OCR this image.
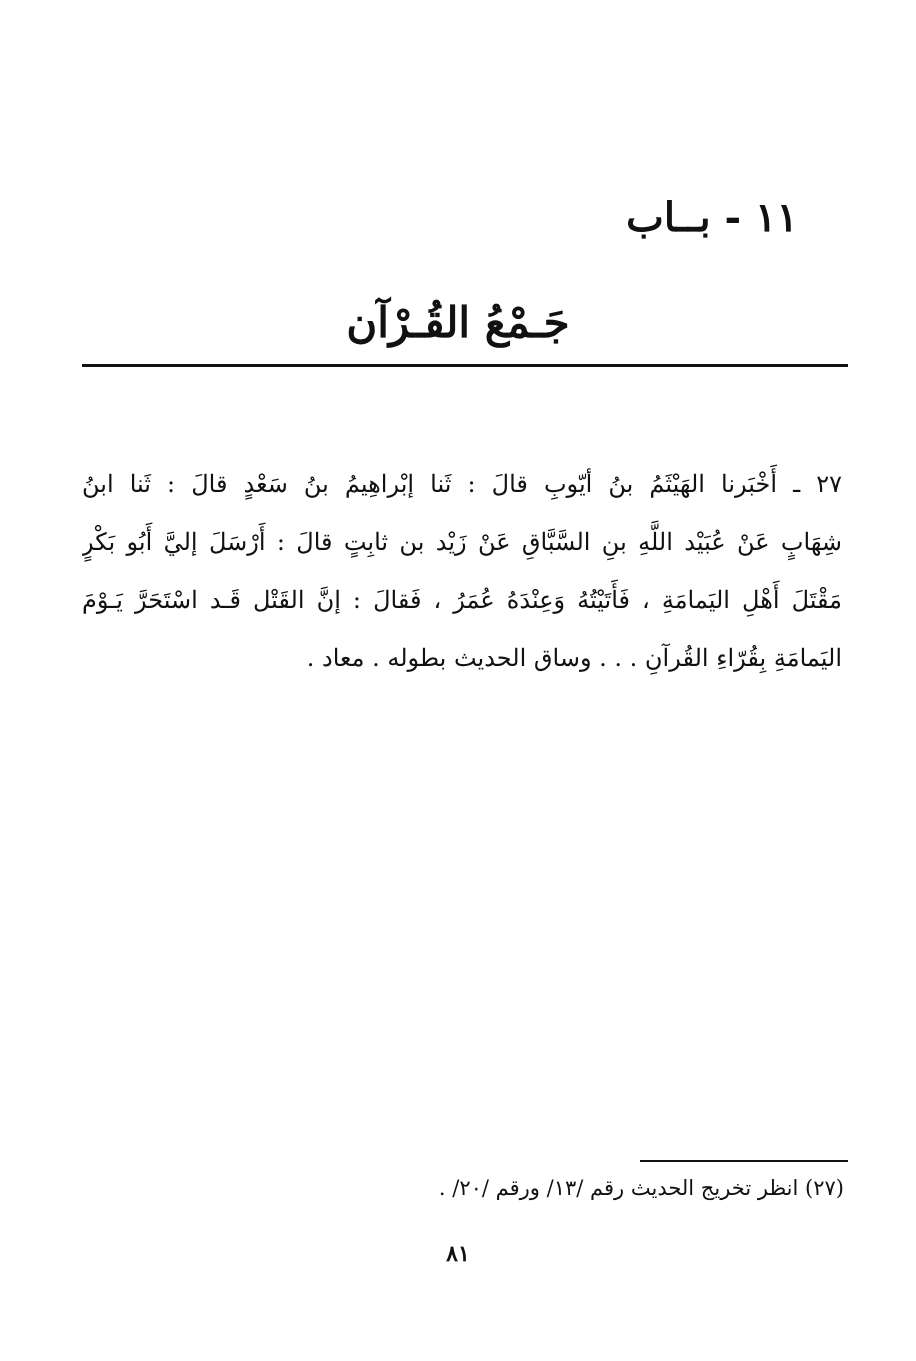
١١ - بــاب
جَـمْعُ القُـرْآن
٢٧ ـ أَخْبَرنا الهَيْثَمُ بنُ أيّوبِ قالَ : ثَنا إبْراهِيمُ بنُ سَعْدٍ قالَ : ثَنا ابنُ
شِهَابٍ عَنْ عُبَيْد اللَّهِ بنِ السَّبَّاقِ عَنْ زَيْد بن ثابِتٍ قالَ : أَرْسَلَ إليَّ أَبُو بَكْرٍ
مَقْتَلَ أَهْلِ اليَمامَةِ ، فَأَتَيْتُهُ وَعِنْدَهُ عُمَرُ ، فَقالَ : إنَّ القَتْل قَـد اسْتَحَرَّ يَـوْمَ
اليَمامَةِ بِقُرّاءِ القُرآنِ . . . وساق الحديث بطوله . معاد .
(٢٧) انظر تخريج الحديث رقم /١٣/ ورقم /٢٠/ .
٨١
